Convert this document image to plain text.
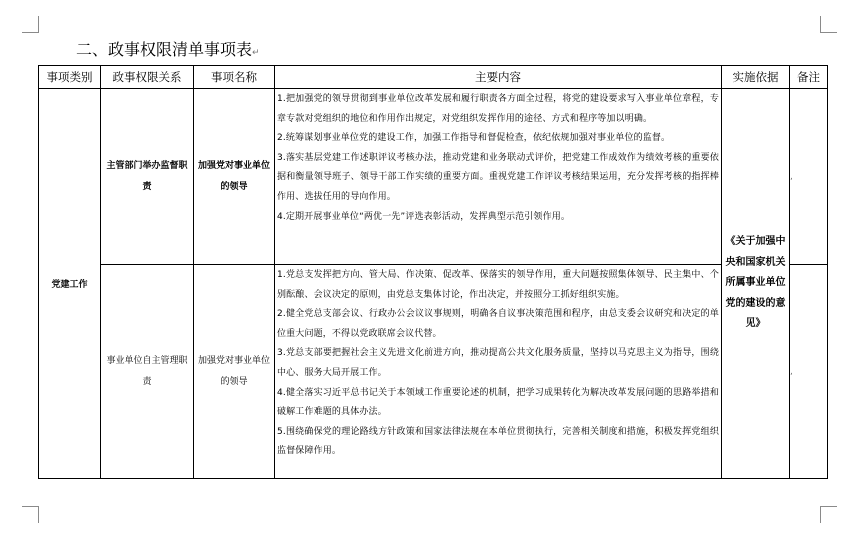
二、政事权限清单事项表↵
事项类别	政事权限关系	事项名称	主要内容	实施依据	备注
党建工作	主管部门举办监督职责	加强党对事业单位的领导	1.把加强党的领导贯彻到事业单位改革发展和履行职责各方面全过程，将党的建设要求写入事业单位章程，专章专款对党组织的地位和作用作出规定，对党组织发挥作用的途径、方式和程序等加以明确。
2.统筹谋划事业单位党的建设工作，加强工作指导和督促检查，依纪依规加强对事业单位的监督。
3.落实基层党建工作述职评议考核办法，推动党建和业务联动式评价，把党建工作成效作为绩效考核的重要依据和衡量领导班子、领导干部工作实绩的重要方面。重视党建工作评议考核结果运用，充分发挥考核的指挥棒作用、选拔任用的导向作用。
4.定期开展事业单位“两优一先”评选表彰活动，发挥典型示范引领作用。	《关于加强中央和国家机关所属事业单位党的建设的意见》	,
	事业单位自主管理职责	加强党对事业单位的领导	1.党总支发挥把方向、管大局、作决策、促改革、保落实的领导作用，重大问题按照集体领导、民主集中、个别酝酿、会议决定的原则，由党总支集体讨论，作出决定，并按照分工抓好组织实施。
2.健全党总支部会议、行政办公会议议事规则，明确各自议事决策范围和程序，由总支委会议研究和决定的单位重大问题，不得以党政联席会议代替。
3.党总支部要把握社会主义先进文化前进方向，推动提高公共文化服务质量，坚持以马克思主义为指导，围绕中心、服务大局开展工作。
4.健全落实习近平总书记关于本领域工作重要论述的机制，把学习成果转化为解决改革发展问题的思路举措和破解工作难题的具体办法。
5.围绕确保党的理论路线方针政策和国家法律法规在本单位贯彻执行，完善相关制度和措施，积极发挥党组织监督保障作用。		,
